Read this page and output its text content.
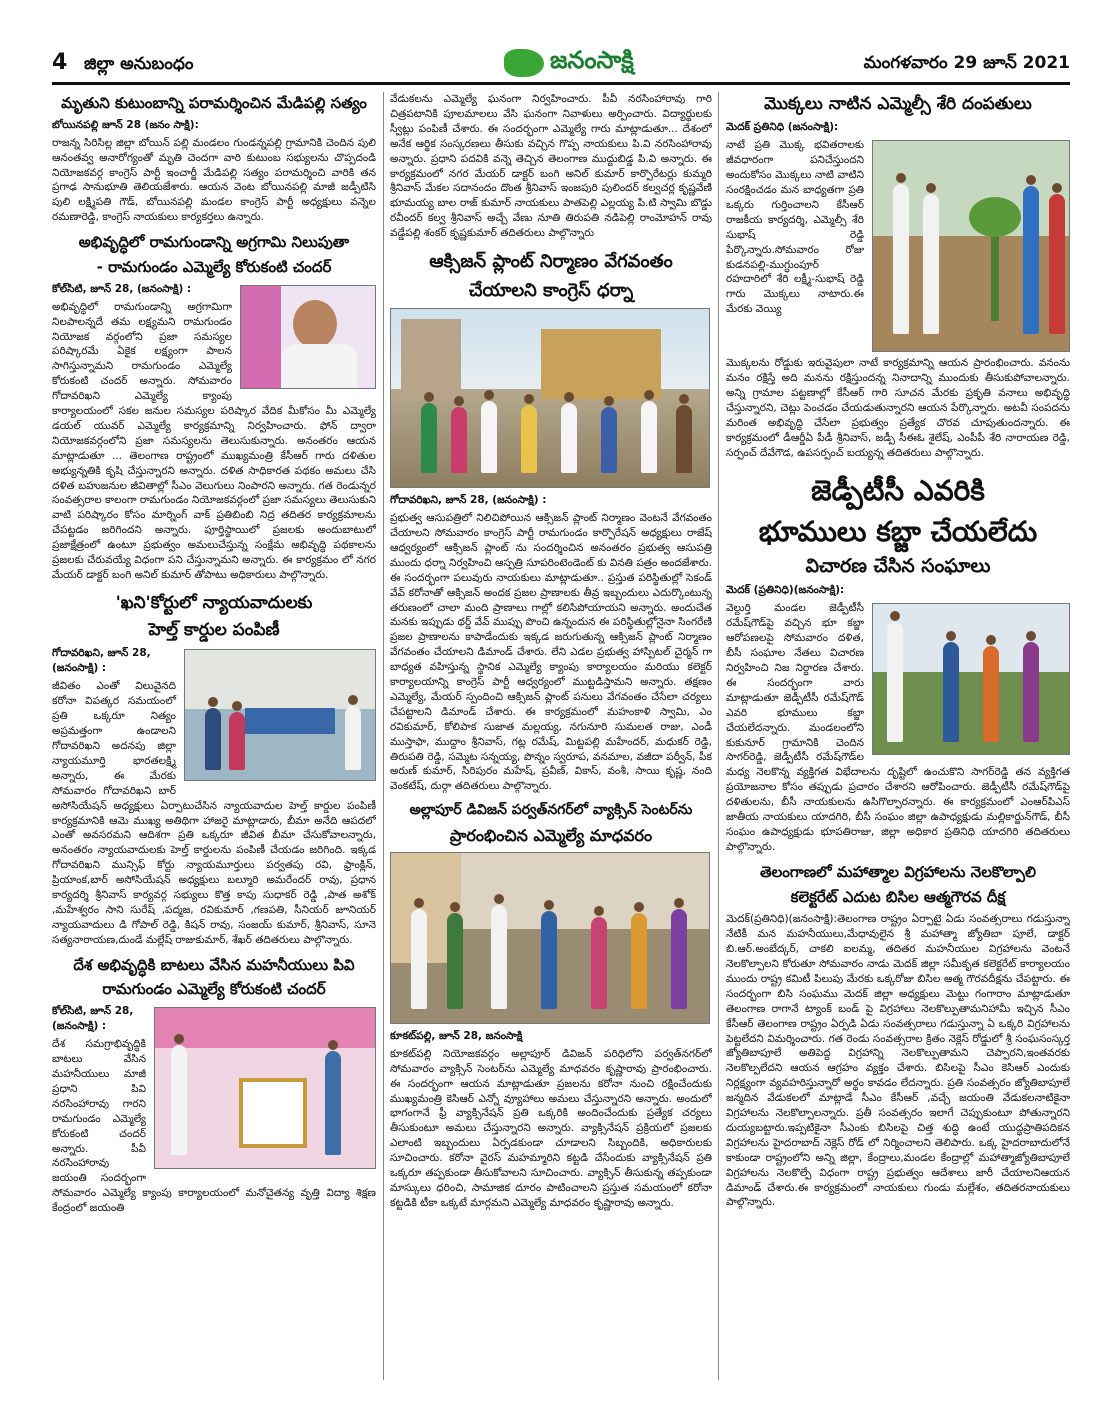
4 జిల్లా అనుబంధం	జనంసాక్షి	మంగళవారం 29 జూన్ 2021
మృతుని కుటుంబాన్ని పరామర్శించిన మేడిపల్లి సత్యం
బోయినపల్లి జూన్ 28 (జనం సాక్షి):

రాజన్న సిరిసిల్ల జిల్లా బోయిన్ పల్లి మండలం గుండన్నపల్లి గ్రామానికి చెందిన పులి ఆనంతవ్వ అనారోగ్యంతో మృతి చెందగా వారి కుటుంబ సభ్యులను చొప్పదండి నియోజకవర్గ కాంగ్రెస్ పార్టీ ఇంచార్జీ మేడిపల్లి సత్యం పరామర్శించి వారికి తన ప్రగాఢ సానుభూతి తెలియజేశారు. ఆయన వెంట బోయినపల్లి మాజీ జడ్పీటిసి పులి లక్ష్మిపతి గౌడ్, బోయినపల్లి మండల కాంగ్రెస్ పార్టీ అధ్యక్షులు వన్నెల రమణారెడ్డి, కాంగ్రెస్ నాయకులు కార్యకర్తలు ఉన్నారు.

అభివృద్ధిలో రామగుండాన్ని అగ్రగామి నిలుపుతా
- రామగుండం ఎమ్మెల్యే కోరుకంటి చందర్
కోల్‌సిటి, జూన్ 28, (జనంసాక్షి) :

అభివృద్ధిలో రామగుండాన్ని అగ్రగామిగా నిలపాలన్నదే తమ లక్ష్యమని రామగుండం నియోజక వర్గంలోని ప్రజా సమస్యల పరిష్కారమే ఏకైక లక్ష్యంగా పాలన సాగిస్తున్నామని రామగుండం ఎమ్మెల్యే కోరుకంటి చందర్ అన్నారు. సోమవారం గోదావరిఖని ఎమ్మెల్యే క్యాంపు కార్యాలయంలో సకల జనుల సమస్యల పరిష్కార వేదిక మీకోసం మీ ఎమ్మెల్యే డయల్ యువర్ ఎమ్మెల్యే కార్యక్రమాన్ని నిర్వహించారు. ఫోన్ ద్వారా నియోజకవర్గంలోని ప్రజా సమస్యలను తెలుసుకున్నారు. అనంతరం ఆయన మాట్లాడుతూ ... తెలంగాణ రాష్ట్రంలో ముఖ్యమంత్రి కేసీఆర్ గారు దళితుల అభ్యున్నతికి కృషి చేస్తున్నారని అన్నారు. దళిత సాధికారత పథకం అమలు చేసి దళిత బహుజనుల జీవితాల్లో సీఎం వెలుగులు నింపారని అన్నారు. గత రెండున్నర సంవత్సరాల కాలంగా రామగుండం నియోజకవర్గంలో ప్రజా సమస్యలు తెలుసుకుని వాటి పరిష్కారం కోసం మార్నింగ్ వాక్ ప్రతిబింబి నిద్ర తదితర కార్యక్రమాలను చేపట్టడం జరిగిందని అన్నారు. పూర్తిస్థాయిలో ప్రజలకు అందుబాటులో ప్రజాక్షేత్రంలో ఉంటూ ప్రభుత్వం అమలుచేస్తున్న సంక్షేమ అభివృద్ధి పథకాలను ప్రజలకు చేరువయ్యే విధంగా పని చేస్తున్నామని అన్నారు. ఈ కార్యక్రమం లో నగర మేయర్ డాక్టర్ బంగి అనిల్ కుమార్ తోపాటు అధికారులు పాల్గొన్నారు.

'ఖని'కోర్టులో న్యాయవాదులకు
హెల్త్ కార్డుల పంపిణీ
గోదావరిఖని, జూన్ 28, (జనంసాక్షి) :

జీవితం ఎంతో విలువైనది కరోనా విపత్కర సమయంలో ప్రతి ఒక్కరూ నిత్యం అప్రమత్తంగా ఉండాలని గోదావరిఖని అదనపు జిల్లా న్యాయమూర్తి భారతలక్ష్మి అన్నారు, ఈ మేరకు సోమవారం గోదావరిఖని బార్ అసోసియేషన్ అధ్యక్షులు ఏర్పాటుచేసిన న్యాయవాదుల హెల్త్ కార్డుల పంపిణీ కార్యక్రమానికి ఆమె ముఖ్య అతిథిగా హాజరై మాట్లాడారు, బీమా అనేది ఆపదలో ఎంతో అవసరమని ఆదిశగా ప్రతి ఒక్కరూ జీవిత బీమా చేసుకోవాలన్నారు, అనంతరం న్యాయవాదులకు హెల్త్ కార్డులను పంపిణీ చేయడం జరిగింది. ఇక్కడ గోదావరిఖని మున్సిఫ్ కోర్టు న్యాయమూర్తులు పర్వతపు రవి, ఫ్రాంక్లిన్, ప్రియాంక,బార్ అసోసియేషన్ అధ్యక్షులు బల్మూరి అమరేందర్ రావు, ప్రధాన కార్యదర్శి శ్రీనివాస్ కార్యవర్గ సభ్యులు కొత్త కాపు సుధాకర్ రెడ్డి ,పాత అశోక్ ,మహేశ్వరం సాని సురేష్ ,పద్మజ, రవికుమార్ ,గణపతి, సీనియర్ జూనియర్ న్యాయవాదులు డి గోపాల్ రెడ్డి, కిషన్ రావు, సంజయ్ కుమార్, శ్రీనివాస్, సూనె సత్యనారాయణ,దుండే మల్లేష్ రాజుకుమార్, శేఖర్ తదితరులు పాల్గొన్నారు.

దేశ అభివృద్ధికి బాటలు వేసిన మహనీయులు పివి
రామగుండం ఎమ్మెల్యే కోరుకంటి చందర్
కోల్‌సిటి, జూన్ 28, (జనంసాక్షి) :

దేశ సమగ్రాభివృద్ధికి బాటలు వేసిన మహనీయులు మాజీ ప్రధాని పివి నరసింహారావు గారని రామగుండం ఎమ్మెల్యే కోరుకంటి చందర్ అన్నారు. పీవీ నరసింహారావు జయంతి సందర్భంగా సోమవారం ఎమ్మెల్యే క్యాంపు కార్యాలయంలో మనోచైతన్య వృత్తి విద్యా శిక్షణ కేంద్రంలో జయంతి

వేడుకలను ఎమ్మెల్యే ఘనంగా నిర్వహించారు. పీవీ నరసింహారావు గారి చిత్రపటానికి పూలమాలలు వేసి ఘనంగా నివాళులు అర్పించారు. విద్యార్థులకు స్వీట్లు పంపిణీ చేశారు. ఈ సందర్భంగా ఎమ్మెల్యే గారు మాట్లాడుతూ... దేశంలో అనేక ఆర్థిక సంస్కరణలు తీసుకు వచ్చిన గొప్ప నాయకులు పి.వి నరసింహారావు అన్నారు. ప్రధాని పదవికి వన్నె తెచ్చిన తెలంగాణ ముద్దుబిడ్డ పి.వి అన్నారు. ఈ కార్యక్రమంలో నగర మేయర్ డాక్టర్ బంగి అనిల్ కుమార్ కార్పొరేటర్లు కుమ్మరి శ్రీనివాస్ మేకల సదానందం దొంత శ్రీనివాస్ ఇంజపురి పులిందర్ కల్వచర్ల కృష్ణవేణి భూమయ్య బాల రాజ్ కుమార్ నాయకులు పాతపెల్లి ఎల్లయ్య పి.టి స్వామి బొడ్డు రవీందర్ కల్వ శ్రీనివాస్ అచ్చే వేణు నూతి తిరుపతి నడిపెల్లి రాంమోహన్ రావు వడ్డేపల్లి శంకర్ కృష్ణకుమార్ తదితరులు పాల్గొన్నారు

ఆక్సిజన్ ప్లాంట్ నిర్మాణం వేగవంతం
చేయాలని కాంగ్రెస్ ధర్నా
గోదావరిఖని, జూన్ 28, (జనంసాక్షి) :

ప్రభుత్వ ఆసుపత్రిలో నిలిచిపోయిన ఆక్సిజన్ ప్లాంట్ నిర్మాణం వెంటనే వేగవంతం చేయాలని సోమవారం కాంగ్రెస్ పార్టీ రామగుండం కార్పొరేషన్ అధ్యక్షులు రాజేష్ ఆధ్వర్యంలో ఆక్సిజన్ ప్లాంట్ ను సందర్శించిన అనంతరం ప్రభుత్వ ఆసుపత్రి ముందు ధర్నా నిర్వహించి ఆస్పత్రి సూపరింటెండెంట్ కు వినతి పత్రం అందజేశారు. ఈ సందర్భంగా పలువురు నాయకులు మాట్లాడుతూ.. ప్రస్తుత పరిస్థితుల్లో సెకండ్ వేవ్ కరోనాతో ఆక్సిజన్ అందక ప్రజల ప్రాణాలకు తీవ్ర ఇబ్బందులు ఎదుర్కొంటున్న తరుణంలో చాలా మంది ప్రాణాలు గాల్లో కలిసిపోయాయని అన్నారు. అందుచేత మనకు ఇప్పుడు థర్డ్ వేవ్ ముప్పు పొంచి ఉన్నందున ఈ పరిస్థితుల్లోనైనా సింగరేణి ప్రజల ప్రాణాలను కాపాడేందుకు ఇక్కడ జరుగుతున్న ఆక్సిజన్ ప్లాంట్ నిర్మాణం వేగవంతం చేయాలని డిమాండ్ చేశారు. లేని ఎడల ప్రభుత్వ హాస్పిటల్ చైర్మన్ గా బాధ్యత వహిస్తున్న స్థానిక ఎమ్మెల్యే క్యాంపు కార్యాలయం మరియు కలెక్టర్ కార్యాలయాన్ని కాంగ్రెస్ పార్టీ ఆధ్వర్యంలో ముట్టడిస్తామని అన్నారు. తక్షణం ఎమ్మెల్యే, మేయర్ స్పందించి ఆక్సిజన్ ప్లాంట్ పనులు వేగవంతం చేసేలా చర్యలు చేపట్టాలని డిమాండ్ చేశారు. ఈ కార్యక్రమంలో మహంకాళి స్వామి, ఎం రవికుమార్, కోలిపాక సుజాత మల్లయ్య, నగునూరి సుమలత రాజు, ఎండీ ముస్తాఫా, ముద్దాం శ్రీనివాస్, గట్ల రమేష్, మిట్టపల్లి మహేందర్, మధుకర్ రెడ్డి, తిరుపతి రెడ్డి, సమ్మెట సన్నయ్య, పొన్నం స్వరూప, వనమాల, వజీదా పర్వీన్, పీక అరుణ్ కుమార్, సిరిపురం మహేష్, ప్రవీణ్, వికాస్, వంశీ, సాయి కృష్ణ, నంది వెంకటేష్, దుర్గా తదితరులు పాల్గొన్నారు.

అల్లాపూర్ డివిజన్ పర్వత్‌నగర్‌లో వ్యాక్సిన్ సెంటర్‌ను
ప్రారంభించిన ఎమ్మెల్యే మాధవరం
కూకట్‌పల్లి, జూన్ 28, జనంసాక్షి

కూకట్‌పల్లి నియోజకవర్గం అల్లాపూర్ డివిజన్ పరిధిలోని పర్వత్‌నగర్‌లో సోమవారం వ్యాక్సిన్ సెంటర్‌ను ఎమ్మెల్యే మాధవరం కృష్ణారావు ప్రారంభించారు. ఈ సందర్భంగా ఆయన మాట్లాడుతూ ప్రజలను కరోనా నుంచి రక్షించేందుకు ముఖ్యమంత్రి కెసిఆర్ ఎన్నో వ్యూహాలు అమలు చేస్తున్నారని అన్నారు. అందులో భాగంగానే ఫ్రీ వ్యాక్సినేషన్ ప్రతి ఒక్కరికి అందించేందుకు ప్రత్యేక చర్యలు తీసుకుంటూ అమలు చేస్తున్నారని అన్నారు. వ్యాక్సినేషన్ ప్రక్రియలో ప్రజలకు ఎలాంటి ఇబ్బందులు ఏర్పడకుండా చూడాలని సిబ్బందికి, అధికారులకు సూచించారు. కరోనా వైరస్ మహమ్మారిని కట్టడి చేసేందుకు వ్యాక్సినేషన్ ప్రతి ఒక్కరూ తప్పకుండా తీసుకోవాలని సూచించారు. వ్యాక్సిన్ తీసుకున్న తప్పకుండా మాస్కులు ధరించి, సామాజిక దూరం పాటించాలని ప్రస్తుత సమయంలో కరోనా కట్టడికి టీకా ఒక్కటే మార్గమని ఎమ్మెల్యే మాధవరం కృష్ణారావు అన్నారు.

మొక్కలు నాటిన ఎమ్మెల్సీ శేరి దంపతులు
మెదక్ ప్రతినిధి (జనంసాక్షి):

నాటే ప్రతి మొక్క భవితరాలకు జీవధారంగా పనిచేస్తుందని అందుకోసం మొక్కలు నాటి వాటిని సంరక్షించడం మన బాధ్యతగా ప్రతి ఒక్కరు గుర్తించాలని కేసీఆర్ రాజకీయ కార్యదర్శి, ఎమ్మెల్సీ శేరి సుభాష్ రెడ్డి పేర్కొన్నారు.సోమవారం రోజు కుడనపల్లి-ముగ్ధుంపూర్ రహదారిలో శేరి లక్ష్మీ-సుభాష్ రెడ్డి గారు మొక్కలు నాటారు.ఈ మేరకు వెయ్యి

మొక్కలను రోడ్డుకు ఇరువైపులా నాటే కార్యక్రమాన్ని ఆయన ప్రారంభించారు. వనంను మనం రక్షిస్తే అది మనను రక్షిస్తుందన్న నినాదాన్ని ముందుకు తీసుకుపోవాలన్నారు. అన్ని గ్రామాల పట్టణాల్లో కేసీఆర్ గారి సూచన మేరకు ప్రకృతి వనాలు అభివృద్ధి చేస్తున్నారని, చెట్లు పెంచడం చేయడుతున్నారని ఆయన పేర్కొన్నారు. అటవీ సంపదను మరింత అభివృద్ధి చేసేలా ప్రభుత్వం ప్రత్యేక చొరవ చూపుతుందన్నారు. ఈ కార్యక్రమంలో డీఆర్డీఏ పీడీ శ్రీనివాస్, జడ్పీ సీఈఓ శైలేష్, ఎంపీపీ శేరి నారాయణ రెడ్డి, సర్పంచ్ దేవేగౌడ, ఉపసర్పంచ్ బయ్యన్న తదితరులు పాల్గొన్నారు.

జెడ్పీటీసీ ఎవరికి
భూములు కబ్జా చేయలేదు
విచారణ చేసిన సంఘాలు
మెదక్ (ప్రతినిధి)(జనంసాక్షి):

వెల్దుర్తి మండల జెడ్పీటీసీ రమేష్‌గౌడ్‌పై వచ్చిన భూ కబ్జా ఆరోపణలపై సోమవారం దళిత, బీసీ సంఘాల నేతలు విచారణ నిర్వహించి నిజ నిర్ధారణ చేశారు. ఈ సందర్భంగా వారు మాట్లాడుతూ జెడ్పీటీసీ రమేష్‌గౌడ్ ఎవరి భూములు కబ్జా చేయలేదన్నారు. మండలంలోని కుకునూర్ గ్రామానికి చెందిన సాగర్‌రెడ్డి, జెడ్పీటీసీ రమేష్‌గౌడ్‌ల మధ్య నెలకొన్న వ్యక్తిగత విభేదాలను దృష్టిలో ఉంచుకొని సాగర్‌రెడ్డి తన వ్యక్తిగత ప్రయోజనాల కోసం తప్పుడు ప్రచారం చేశారని ఆరోపించారు. జెడ్పీటీసీ రమేష్‌గౌడ్‌పై దళితులను, బీసీ నాయకులను ఉసిగొల్పారన్నారు. ఈ కార్యక్రమంలో ఎంఆర్‌పిఎస్ జాతీయ నాయకులు యాదగిరి, బీసీ సంఘం జిల్లా ఉపాధ్యక్షుడు మల్లికార్జున్‌గౌడ్, బీసీ సంఘం ఉపాధ్యక్షుడు భూపతిరాజు, జిల్లా అధికార ప్రతినిధి యాదగిరి తదితరులు పాల్గొన్నారు.

తెలంగాణలో మహాత్మాల విగ్రహాలను నెలకొల్పాలి
కలెక్టరేట్ ఎదుట బిసిల ఆత్మగౌరవ దీక్ష

మెదక్(ప్రతినిధి)(జనంసాక్షి):తెలంగాణ రాష్ట్రం ఏర్పాటై ఏడు సంవత్సరాలు గడుస్తున్నా నేటికీ మన మహనీయులు,మేధావులైన శ్రీ మహాత్మా జ్యోతిబా పూలే, డాక్టర్ బి.ఆర్.అంబేద్కర్, చాకలి ఐలమ్మ, తదితర మహనీయుల విగ్రహాలను వెంటనే నెలకొల్పాలని కోరుతూ సోమవారం నాడు మెదక్ జిల్లా సమీకృత కలెక్టరేట్ కార్యాలయం ముందు రాష్ట్ర కమిటీ పిలుపు మేరకు ఒక్కరోజు బిసిల ఆత్మ గౌరవదీక్షను చేపట్టారు. ఈ సందర్భంగా బిసి సంఘము మెదక్ జిల్లా అధ్యక్షులు మెట్టు గంగారాం మాట్లాడుతూ తెలంగాణ రాగానే ట్యాంక్ బండ్ పై విగ్రహాలు నెలకొల్పుతామనిహామీ ఇచ్చిన సీఎం కేసీఆర్ తెలంగాణ రాష్ట్రం ఏర్పడి ఏడు సంవత్సరాలు గడుస్తున్నా ఏ ఒక్కరి విగ్రహాలను పెట్టలేదని విమర్శించారు. గత రెండు సంవత్సరాల క్రితం నెక్లెస్ రోడ్డులో శ్రీ సంఘసంస్కర్త జ్యోతిబాపూలే అతిపెద్ద విగ్రహాన్ని నెలకొల్పుతామని చెప్పారని,ఇంతవరకు నెలకొల్పలేదని ఆయన ఆగ్రహం వ్యక్తం చేశారు. బిసిలపై సీఎం కెసిఆర్ ఎందుకు నిర్లక్ష్యంగా వ్యవహరిస్తున్నారో అర్థం కావడం లేదన్నారు. ప్రతి సంవత్సరం జ్యోతిబాపూలే జన్మదిన వేడుకలలో మాట్లాడే సీఎం కేసీఆర్ ,వచ్చే జయంతి వేడుకలనాటికైనా విగ్రహాలను నెలకొల్పాలన్నారు. ప్రతీ సంవత్సరం ఇలాగే చెప్పుకుంటూ పోతున్నారని దుయ్యబట్టారు.ఇప్పటికైనా సీఎంకు బిసిలపై చిత్త శుద్ధి ఉంటే యుద్ధప్రాతిపదికన విగ్రహాలను హైదరాబాద్ నెక్లెస్ రోడ్ లో నిర్మించాలని తెలిపారు. ఒక్క హైదరాబాదులోనే కాకుండా రాష్ట్రంలోని అన్ని జిల్లా, కేంద్రాలు,మండల కేంద్రాల్లో మహాత్మాజ్యోతిబాపూలే విగ్రహాలను నెలకొల్పే విధంగా రాష్ట్ర ప్రభుత్వం ఆదేశాలు జారీ చేయాలనిఆయన డిమాండ్ చేశారు.ఈ కార్యక్రమంలో నాయకులు గుండు మల్లేశం, తదితరనాయకులు పాల్గొన్నారు.
